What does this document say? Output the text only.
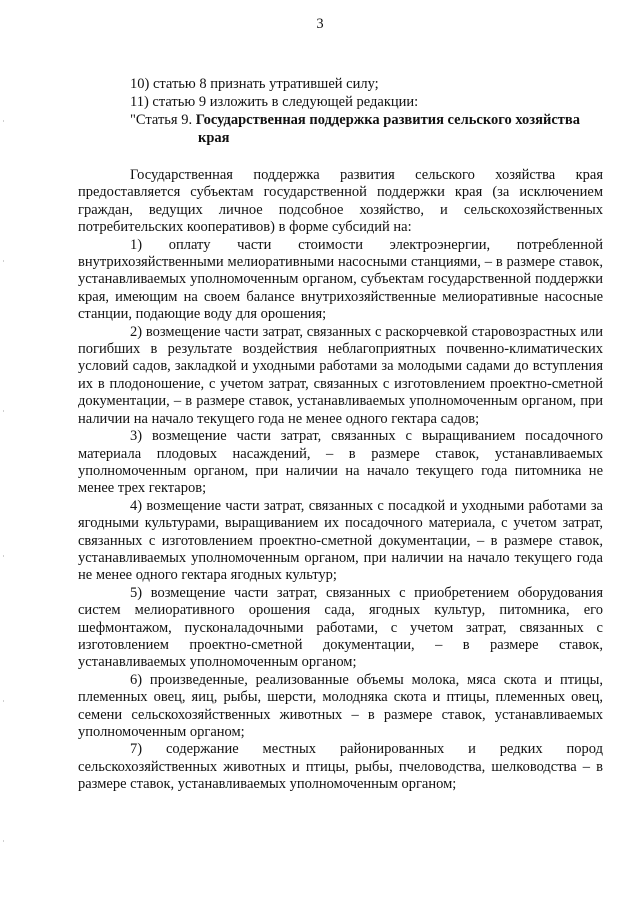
3
10) статью 8 признать утратившей силу;
11) статью 9 изложить в следующей редакции:
"Статья 9. Государственная поддержка развития сельского хозяйства
края

Государственная поддержка развития сельского хозяйства края предоставляется субъектам государственной поддержки края (за исключением граждан, ведущих личное подсобное хозяйство, и сельскохозяйственных потребительских кооперативов) в форме субсидий на:

1) оплату части стоимости электроэнергии, потребленной внутрихозяйственными мелиоративными насосными станциями, – в размере ставок, устанавливаемых уполномоченным органом, субъектам государственной поддержки края, имеющим на своем балансе внутрихозяйственные мелиоративные насосные станции, подающие воду для орошения;

2) возмещение части затрат, связанных с раскорчевкой старовозрастных или погибших в результате воздействия неблагоприятных почвенно-климатических условий садов, закладкой и уходными работами за молодыми садами до вступления их в плодоношение, с учетом затрат, связанных с изготовлением проектно-сметной документации, – в размере ставок, устанавливаемых уполномоченным органом, при наличии на начало текущего года не менее одного гектара садов;

3) возмещение части затрат, связанных с выращиванием посадочного материала плодовых насаждений, – в размере ставок, устанавливаемых уполномоченным органом, при наличии на начало текущего года питомника не менее трех гектаров;

4) возмещение части затрат, связанных с посадкой и уходными работами за ягодными культурами, выращиванием их посадочного материала, с учетом затрат, связанных с изготовлением проектно-сметной документации, – в размере ставок, устанавливаемых уполномоченным органом, при наличии на начало текущего года не менее одного гектара ягодных культур;

5) возмещение части затрат, связанных с приобретением оборудования систем мелиоративного орошения сада, ягодных культур, питомника, его шефмонтажом, пусконаладочными работами, с учетом затрат, связанных с изготовлением проектно-сметной документации, – в размере ставок, устанавливаемых уполномоченным органом;

6) произведенные, реализованные объемы молока, мяса скота и птицы, племенных овец, яиц, рыбы, шерсти, молодняка скота и птицы, племенных овец, семени сельскохозяйственных животных – в размере ставок, устанавливаемых уполномоченным органом;

7) содержание местных районированных и редких пород сельскохозяйственных животных и птицы, рыбы, пчеловодства, шелководства – в размере ставок, устанавливаемых уполномоченным органом;
